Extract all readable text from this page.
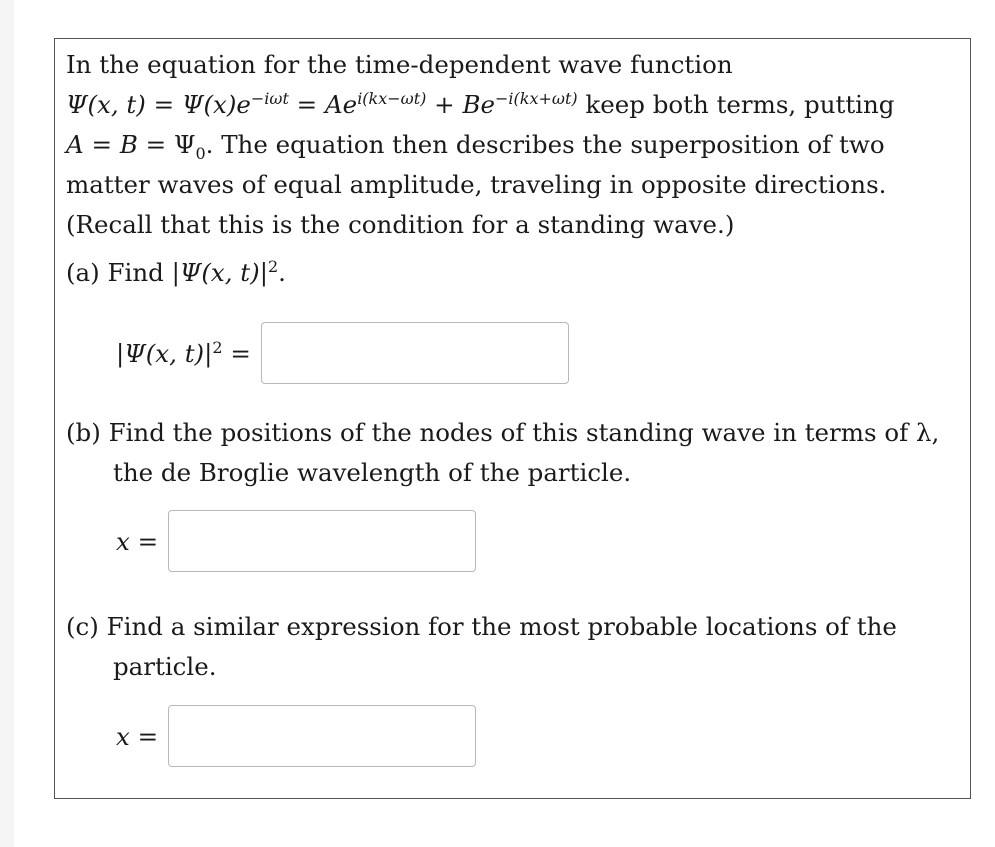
In the equation for the time-dependent wave function
Ψ(x, $t) = \Psi(x)e^{-i\omega t} = Ae^{i(kx-\omega t)} + Be^{-i(kx+\omega t)}$ keep both terms, putting
$A = B = \Psi_0$. The equation then describes the superposition of two
matter waves of equal amplitude, traveling in opposite directions.
(Recall that this is the condition for a standing wave.)
(a) Find |Ψ(x, $t)|^2$.
|Ψ(x, $t)|^2$ =
(b) Find the positions of the nodes of this standing wave in terms of λ,
the de Broglie wavelength of the particle.
x =
(c) Find a similar expression for the most probable locations of the
particle.
x =
